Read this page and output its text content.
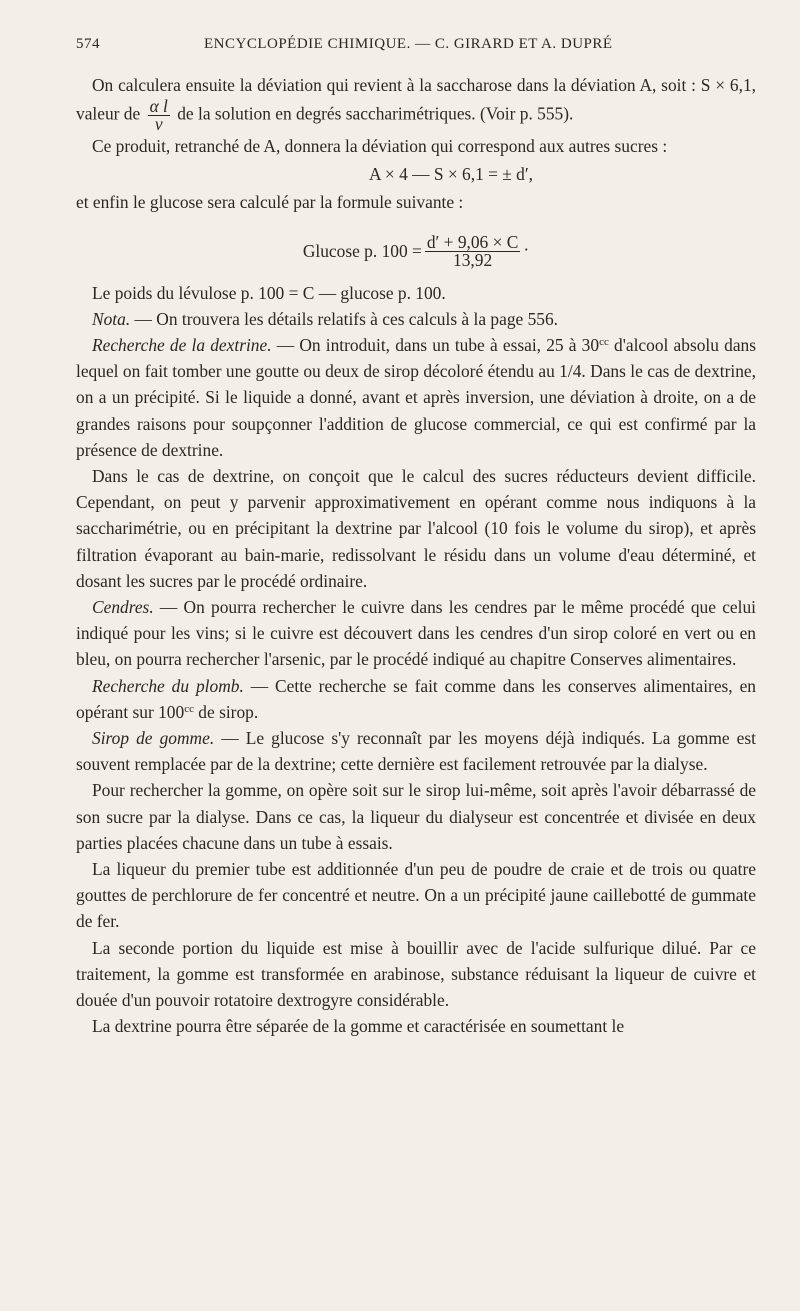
574	ENCYCLOPÉDIE CHIMIQUE. — C. GIRARD ET A. DUPRÉ

On calculera ensuite la déviation qui revient à la saccharose dans la déviation A, soit : S × 6,1, valeur de $\frac{\text{α l}}{v}$ de la solution en degrés saccharimétriques. (Voir p. 555).

Ce produit, retranché de A, donnera la déviation qui correspond aux autres sucres :

A × 4 — S × 6,1 = ± d′,

et enfin le glucose sera calculé par la formule suivante :

Glucose p. $100 = \frac{d' + 9,06 \times C}{13,92}$ ·

Le poids du lévulose p. 100 = C — glucose p. 100.

Nota. — On trouvera les détails relatifs à ces calculs à la page 556.

Recherche de la dextrine. — On introduit, dans un tube à essai, 25 à $30^{cc}$ d'alcool absolu dans lequel on fait tomber une goutte ou deux de sirop décoloré étendu au 1/4. Dans le cas de dextrine, on a un précipité. Si le liquide a donné, avant et après inversion, une déviation à droite, on a de grandes raisons pour soupçonner l'addition de glucose commercial, ce qui est confirmé par la présence de dextrine.

Dans le cas de dextrine, on conçoit que le calcul des sucres réducteurs devient difficile. Cependant, on peut y parvenir approximativement en opérant comme nous indiquons à la saccharimétrie, ou en précipitant la dextrine par l'alcool (10 fois le volume du sirop), et après filtration évaporant au bain-marie, redissolvant le résidu dans un volume d'eau déterminé, et dosant les sucres par le procédé ordinaire.

Cendres. — On pourra rechercher le cuivre dans les cendres par le même procédé que celui indiqué pour les vins; si le cuivre est découvert dans les cendres d'un sirop coloré en vert ou en bleu, on pourra rechercher l'arsenic, par le procédé indiqué au chapitre Conserves alimentaires.

Recherche du plomb. — Cette recherche se fait comme dans les conserves alimentaires, en opérant sur $100^{cc}$ de sirop.

Sirop de gomme. — Le glucose s'y reconnaît par les moyens déjà indiqués. La gomme est souvent remplacée par de la dextrine; cette dernière est facilement retrouvée par la dialyse.

Pour rechercher la gomme, on opère soit sur le sirop lui-même, soit après l'avoir débarrassé de son sucre par la dialyse. Dans ce cas, la liqueur du dialyseur est concentrée et divisée en deux parties placées chacune dans un tube à essais.

La liqueur du premier tube est additionnée d'un peu de poudre de craie et de trois ou quatre gouttes de perchlorure de fer concentré et neutre. On a un précipité jaune caillebotté de gummate de fer.

La seconde portion du liquide est mise à bouillir avec de l'acide sulfurique dilué. Par ce traitement, la gomme est transformée en arabinose, substance réduisant la liqueur de cuivre et douée d'un pouvoir rotatoire dextrogyre considérable.

La dextrine pourra être séparée de la gomme et caractérisée en soumettant le
